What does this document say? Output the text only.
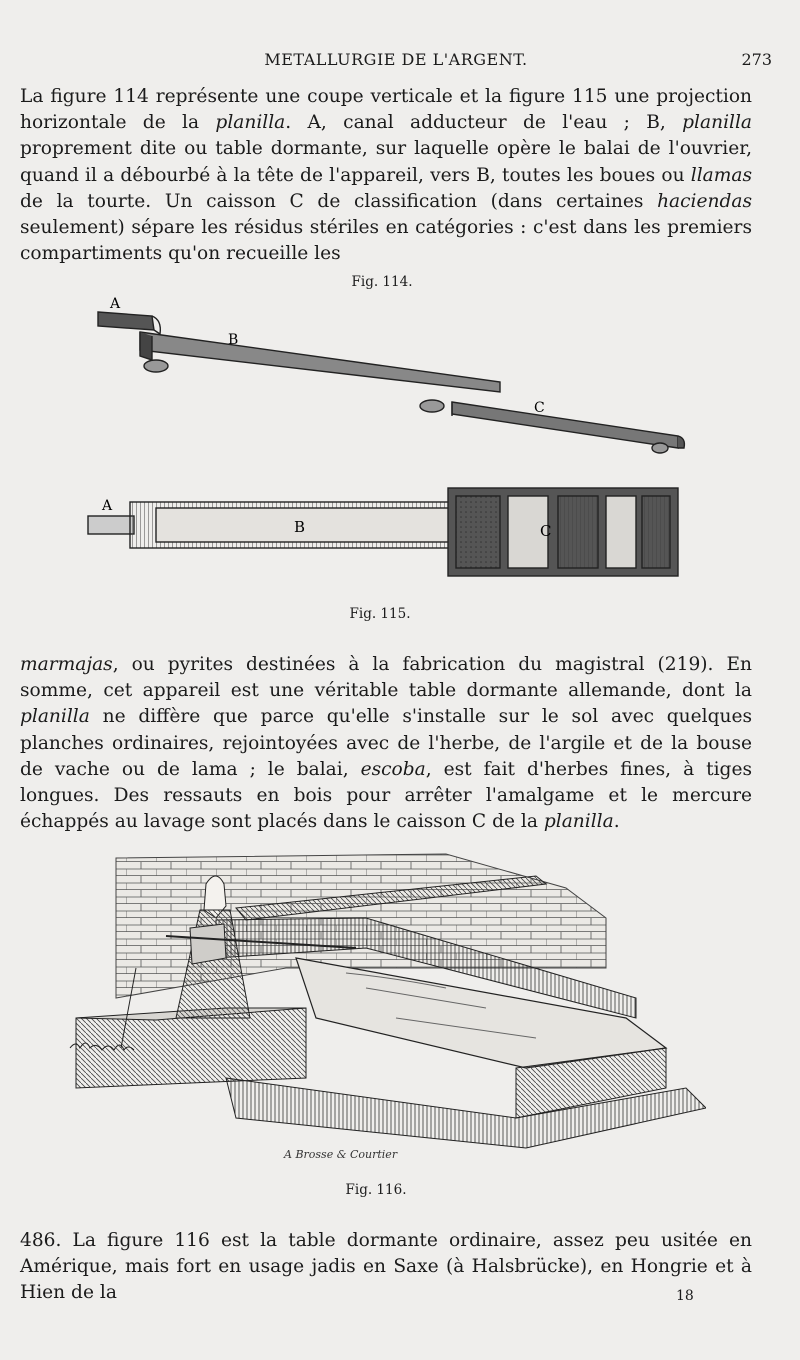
METALLURGIE DE L'ARGENT.	273

La figure 114 représente une coupe verticale et la figure 115 une projection horizontale de la planilla. A, canal adducteur de l'eau ; B, planilla proprement dite ou table dormante, sur laquelle opère le balai de l'ouvrier, quand il a débourbé à la tête de l'appareil, vers B, toutes les boues ou llamas de la tourte. Un caisson C de classification (dans certaines haciendas seulement) sépare les résidus stériles en catégories : c'est dans les premiers compartiments qu'on recueille les

Fig. 114.
A
B
C
A
B	C
Fig. 115.

marmajas, ou pyrites destinées à la fabrication du magistral (219). En somme, cet appareil est une véritable table dormante allemande, dont la planilla ne diffère que parce qu'elle s'installe sur le sol avec quelques planches ordinaires, rejointoyées avec de l'herbe, de l'argile et de la bouse de vache ou de lama ; le balai, escoba, est fait d'herbes fines, à tiges longues. Des ressauts en bois pour arrêter l'amalgame et le mercure échappés au lavage sont placés dans le caisson C de la planilla.

A Brosse & Courtier
Fig. 116.

486. La figure 116 est la table dormante ordinaire, assez peu usitée en Amérique, mais fort en usage jadis en Saxe (à Halsbrücke), en Hongrie et à Hien de la	18
